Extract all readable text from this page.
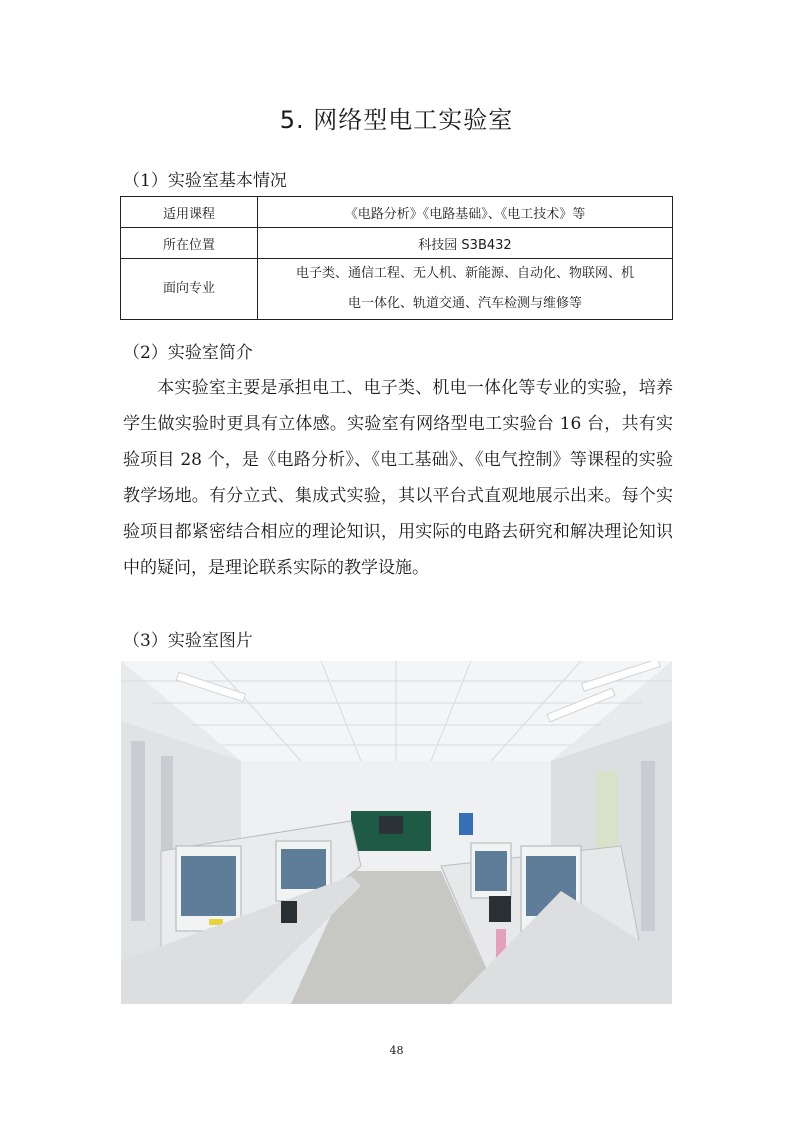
5. 网络型电工实验室
（1）实验室基本情况
适用课程	《电路分析》《电路基础》、《电工技术》等
所在位置	科技园 S3B432
面向专业	电子类、通信工程、无人机、新能源、自动化、物联网、机
电一体化、轨道交通、汽车检测与维修等
（2）实验室简介

本实验室主要是承担电工、电子类、机电一体化等专业的实验，培养学生做实验时更具有立体感。实验室有网络型电工实验台 16 台，共有实验项目 28 个，是《电路分析》、《电工基础》、《电气控制》等课程的实验教学场地。有分立式、集成式实验，其以平台式直观地展示出来。每个实验项目都紧密结合相应的理论知识，用实际的电路去研究和解决理论知识中的疑问，是理论联系实际的教学设施。

（3）实验室图片
48
